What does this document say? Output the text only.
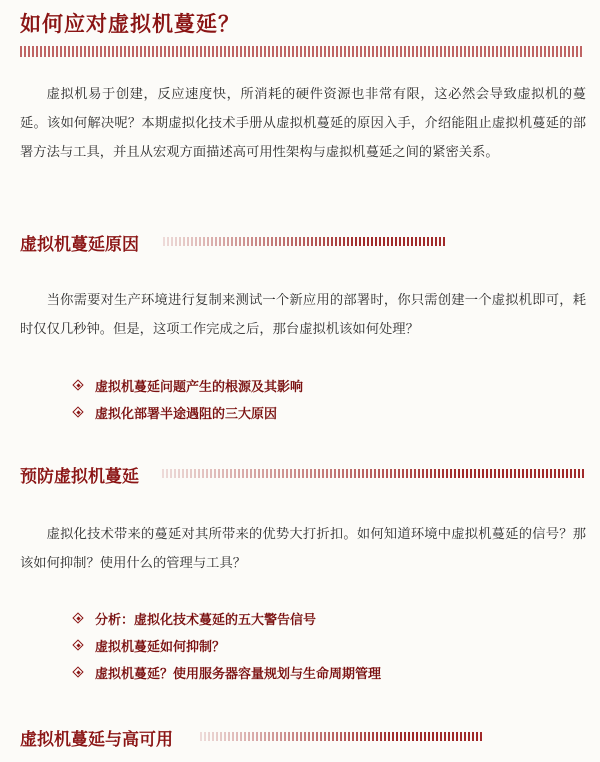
如何应对虚拟机蔓延？

虚拟机易于创建，反应速度快，所消耗的硬件资源也非常有限，这必然会导致虚拟机的蔓延。该如何解决呢？本期虚拟化技术手册从虚拟机蔓延的原因入手，介绍能阻止虚拟机蔓延的部署方法与工具，并且从宏观方面描述高可用性架构与虚拟机蔓延之间的紧密关系。

虚拟机蔓延原因

当你需要对生产环境进行复制来测试一个新应用的部署时，你只需创建一个虚拟机即可，耗时仅仅几秒钟。但是，这项工作完成之后，那台虚拟机该如何处理？

虚拟机蔓延问题产生的根源及其影响
虚拟化部署半途遇阻的三大原因
预防虚拟机蔓延

虚拟化技术带来的蔓延对其所带来的优势大打折扣。如何知道环境中虚拟机蔓延的信号？那该如何抑制？使用什么的管理与工具？

分析：虚拟化技术蔓延的五大警告信号
虚拟机蔓延如何抑制？
虚拟机蔓延？使用服务器容量规划与生命周期管理
虚拟机蔓延与高可用
